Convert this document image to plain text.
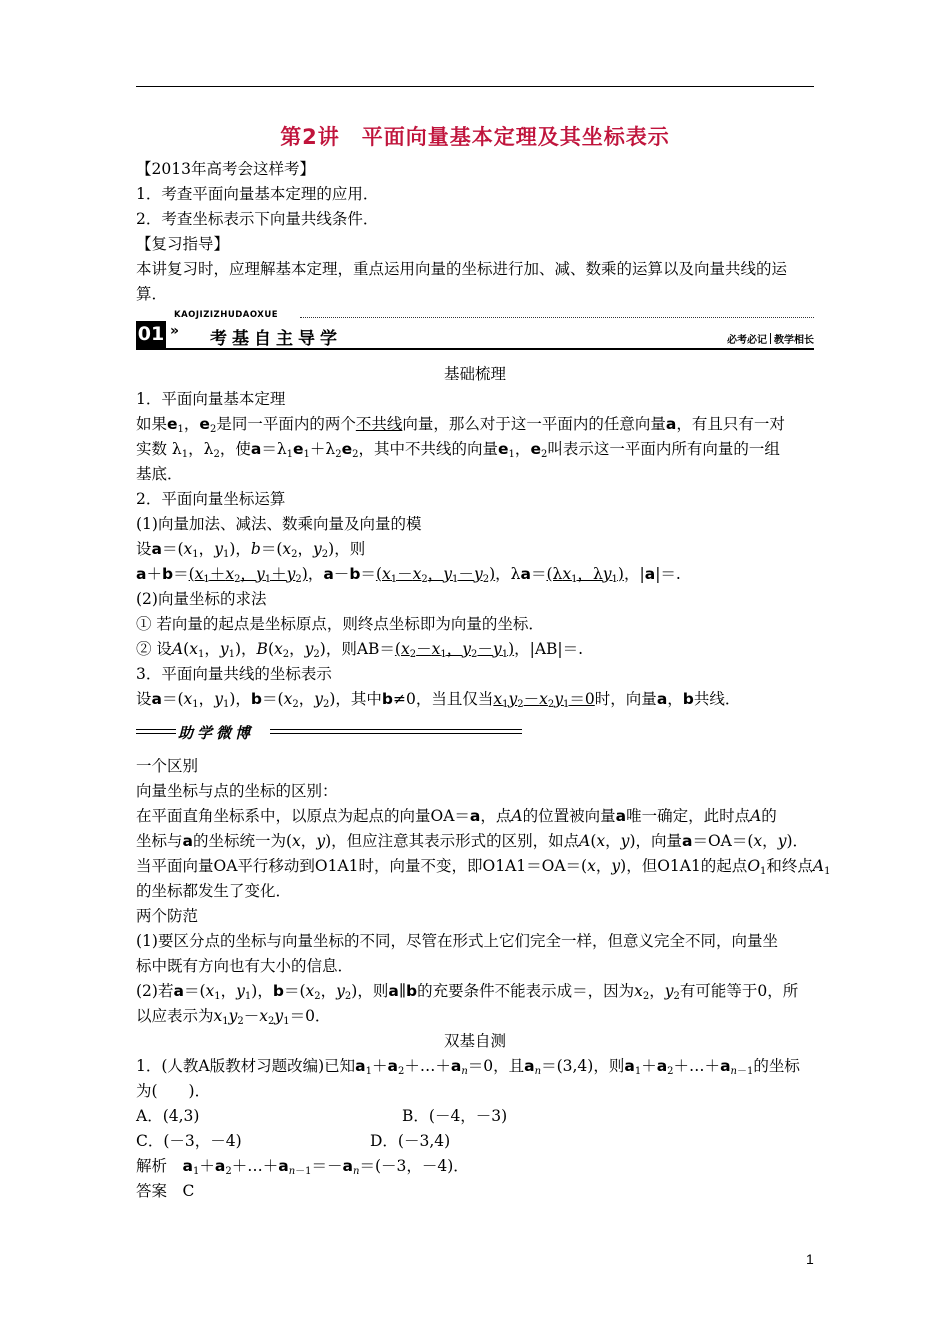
第2讲　平面向量基本定理及其坐标表示
【2013年高考会这样考】
1．考查平面向量基本定理的应用．
2．考查坐标表示下向量共线条件．
【复习指导】
本讲复习时，应理解基本定理，重点运用向量的坐标进行加、减、数乘的运算以及向量共线的运
算．
KAOJIZIZHUDAOXUE
01 » 考基自主导学	必考必记 教学相长
基础梳理
1．平面向量基本定理
如果$e_1$，$e_2$是同一平面内的两个不共线向量，那么对于这一平面内的任意向量a，有且只有一对
实数 $\lambda_1$，$\lambda_2$，使$a=\lambda_1e_1+\lambda_2e_2$，其中不共线的向量$e_1$，$e_2$叫表示这一平面内所有向量的一组
基底．
2．平面向量坐标运算
(1)向量加法、减法、数乘向量及向量的模
设$a=(x_1$，$y_1$)，$b=(x_2$，$y_2$)，则
$a+b=(x_1+x_2$，$y_1+y_2$)，$a-b=(x_1-x_2$，$y_1-y_2$)，$\lambda a=(\lambda x_1$，$\lambda y_1$)，|a|＝.
(2)向量坐标的求法
① 若向量的起点是坐标原点，则终点坐标即为向量的坐标．
② 设$A(x_1$，$y_1$)，$B(x_2$，$y_2$)，则$AB=(x_2-x_1$，$y_2-y_1$)，|AB|＝.
3．平面向量共线的坐标表示
设$a=(x_1$，$y_1$)，$b=(x_2$，$y_2$)，其中b≠0，当且仅当$x_1y_2-x_2y_1=0$时，向量a，b共线．
助学微博
一个区别
向量坐标与点的坐标的区别：
在平面直角坐标系中，以原点为起点的向量OA＝a，点A的位置被向量a唯一确定，此时点A的
坐标与a的坐标统一为(x，y)，但应注意其表示形式的区别，如点A(x，y)，向量a＝OA＝(x，y)．
当平面向量OA平行移动到O1A1时，向量不变，即O1A1＝OA＝(x，y)，但O1A1的起点$O_1$和终点$A_1$
的坐标都发生了变化．
两个防范
(1)要区分点的坐标与向量坐标的不同，尽管在形式上它们完全一样，但意义完全不同，向量坐
标中既有方向也有大小的信息．
(2)若$a=(x_1$，$y_1$)，$b=(x_2$，$y_2$)，则a∥b的充要条件不能表示成＝，因为$x_2$，$y_2$有可能等于0，所
以应表示为$x_1y_2-x_2y_1=0$．
双基自测
1．(人教A版教材习题改编)已知$a_1+a_2+\dots+a_n=0$，且$a_n=(3,4)$，则$a_1+a_2+\dots+a_{n-1}$的坐标
为(　　)．
A．(4,3)	B．(－4，－3)
C．(－3，－4)	D．(－3,4)
解析　$a_1+a_2+\dots+a_{n-1}=-a_n=(-3$，－4)．
答案　C
1
